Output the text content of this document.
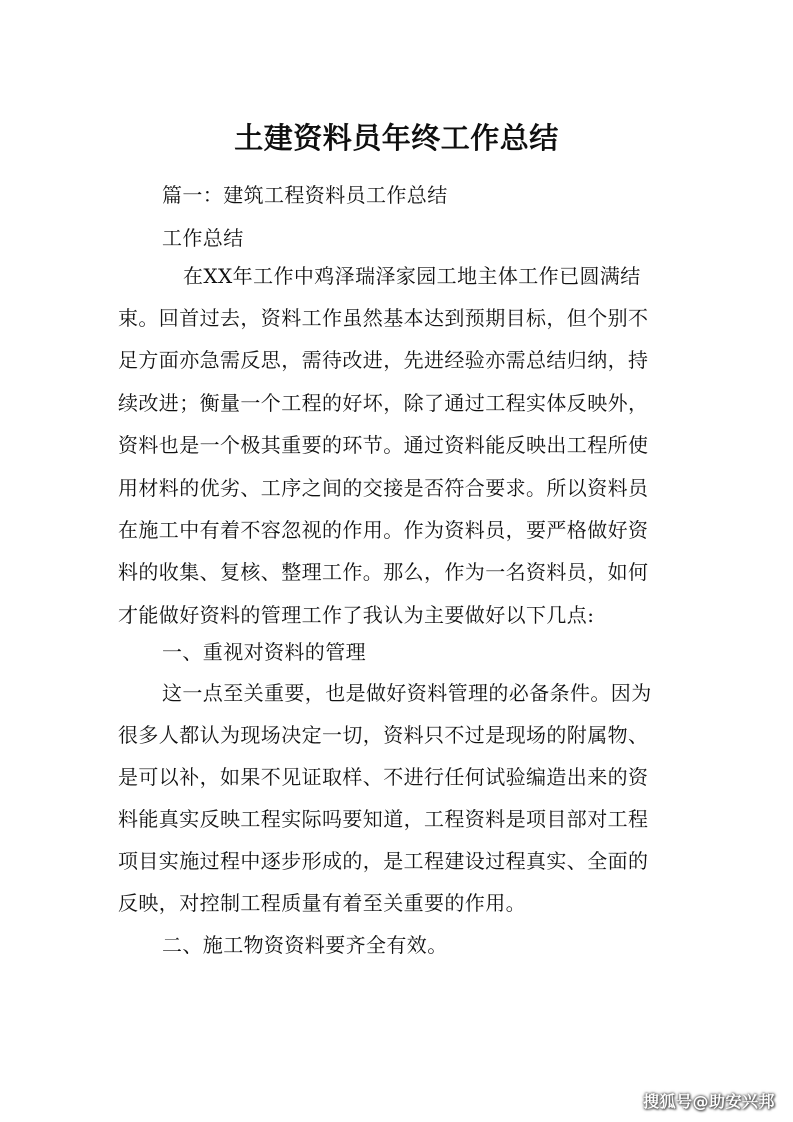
土建资料员年终工作总结
篇一：建筑工程资料员工作总结
工作总结
在XX年工作中鸡泽瑞泽家园工地主体工作已圆满结
束。回首过去，资料工作虽然基本达到预期目标，但个别不
足方面亦急需反思，需待改进，先进经验亦需总结归纳，持
续改进；衡量一个工程的好坏，除了通过工程实体反映外，
资料也是一个极其重要的环节。通过资料能反映出工程所使
用材料的优劣、工序之间的交接是否符合要求。所以资料员
在施工中有着不容忽视的作用。作为资料员，要严格做好资
料的收集、复核、整理工作。那么，作为一名资料员，如何
才能做好资料的管理工作了我认为主要做好以下几点:
一、重视对资料的管理
这一点至关重要，也是做好资料管理的必备条件。因为
很多人都认为现场决定一切，资料只不过是现场的附属物、
是可以补，如果不见证取样、不进行任何试验编造出来的资
料能真实反映工程实际吗要知道，工程资料是项目部对工程
项目实施过程中逐步形成的，是工程建设过程真实、全面的
反映，对控制工程质量有着至关重要的作用。
二、施工物资资料要齐全有效。
搜狐号@助安兴邦
